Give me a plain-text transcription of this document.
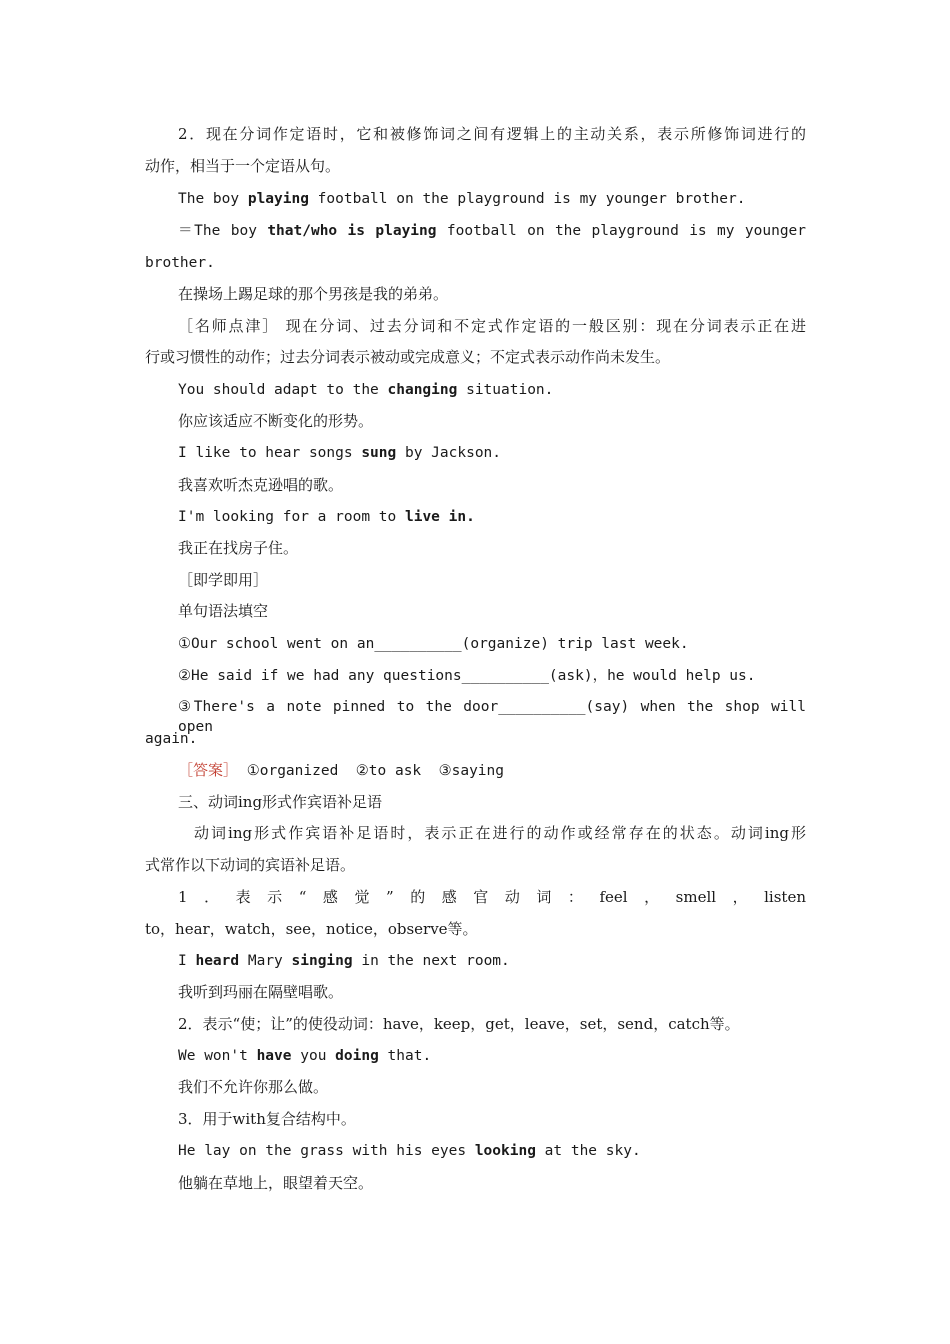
2．现在分词作定语时，它和被修饰词之间有逻辑上的主动关系，表示所修饰词进行的
动作，相当于一个定语从句。
The boy playing football on the playground is my younger brother.
＝The boy that/who is playing football on the playground is my younger
brother.
在操场上踢足球的那个男孩是我的弟弟。
［名师点津］ 现在分词、过去分词和不定式作定语的一般区别：现在分词表示正在进
行或习惯性的动作；过去分词表示被动或完成意义；不定式表示动作尚未发生。
You should adapt to the changing situation.
你应该适应不断变化的形势。
I like to hear songs sung by Jackson.
我喜欢听杰克逊唱的歌。
I'm looking for a room to live in.
我正在找房子住。
［即学即用］
单句语法填空
①Our school went on an__________(organize) trip last week.
②He said if we had any questions__________(ask)，he would help us.
③There's a note pinned to the door__________(say) when the shop will open
again.
［答案］ ①organized  ②to ask  ③saying
三、动词ing形式作宾语补足语
动词ing形式作宾语补足语时，表示正在进行的动作或经常存在的状态。动词ing形
式常作以下动词的宾语补足语。
1．表示“感觉”的感官动词：feel，smell，listen
to，hear，watch，see，notice，observe等。
I heard Mary singing in the next room.
我听到玛丽在隔壁唱歌。
2．表示“使；让”的使役动词：have，keep，get，leave，set，send，catch等。
We won't have you doing that.
我们不允许你那么做。
3．用于with复合结构中。
He lay on the grass with his eyes looking at the sky.
他躺在草地上，眼望着天空。
